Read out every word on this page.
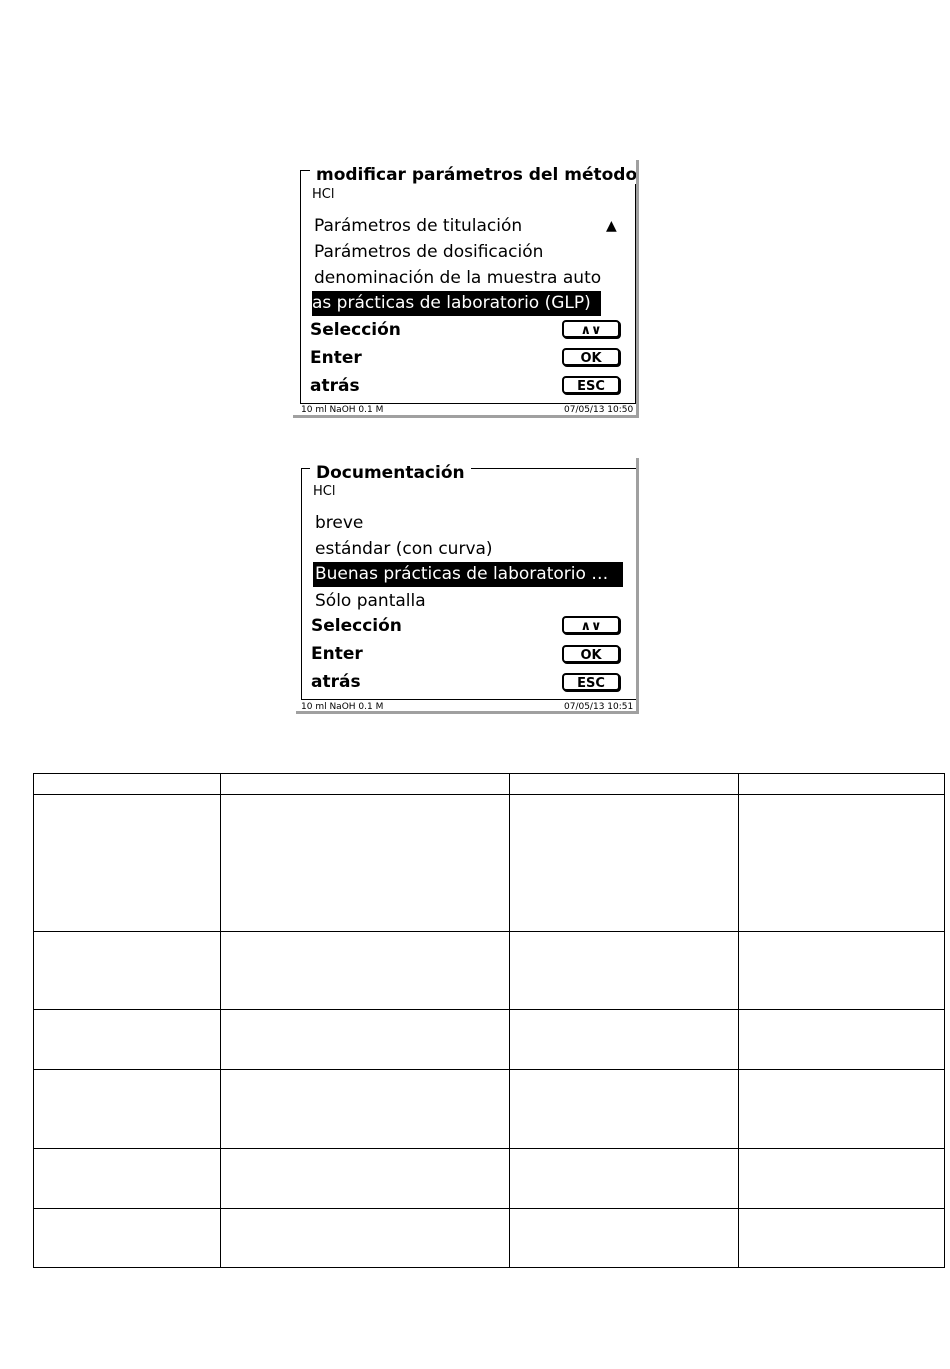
modificar parámetros del método
HCl
Parámetros de titulación	▲
Parámetros de dosificación
denominación de la muestra auto
as prácticas de laboratorio (GLP)
Selección	∧∨
Enter	OK
atrás	ESC
10 ml NaOH 0.1 M	07/05/13 10:50
Documentación
HCl
breve
estándar (con curva)
Buenas prácticas de laboratorio …
Sólo pantalla
Selección	∧∨
Enter	OK
atrás	ESC
10 ml NaOH 0.1 M	07/05/13 10:51
